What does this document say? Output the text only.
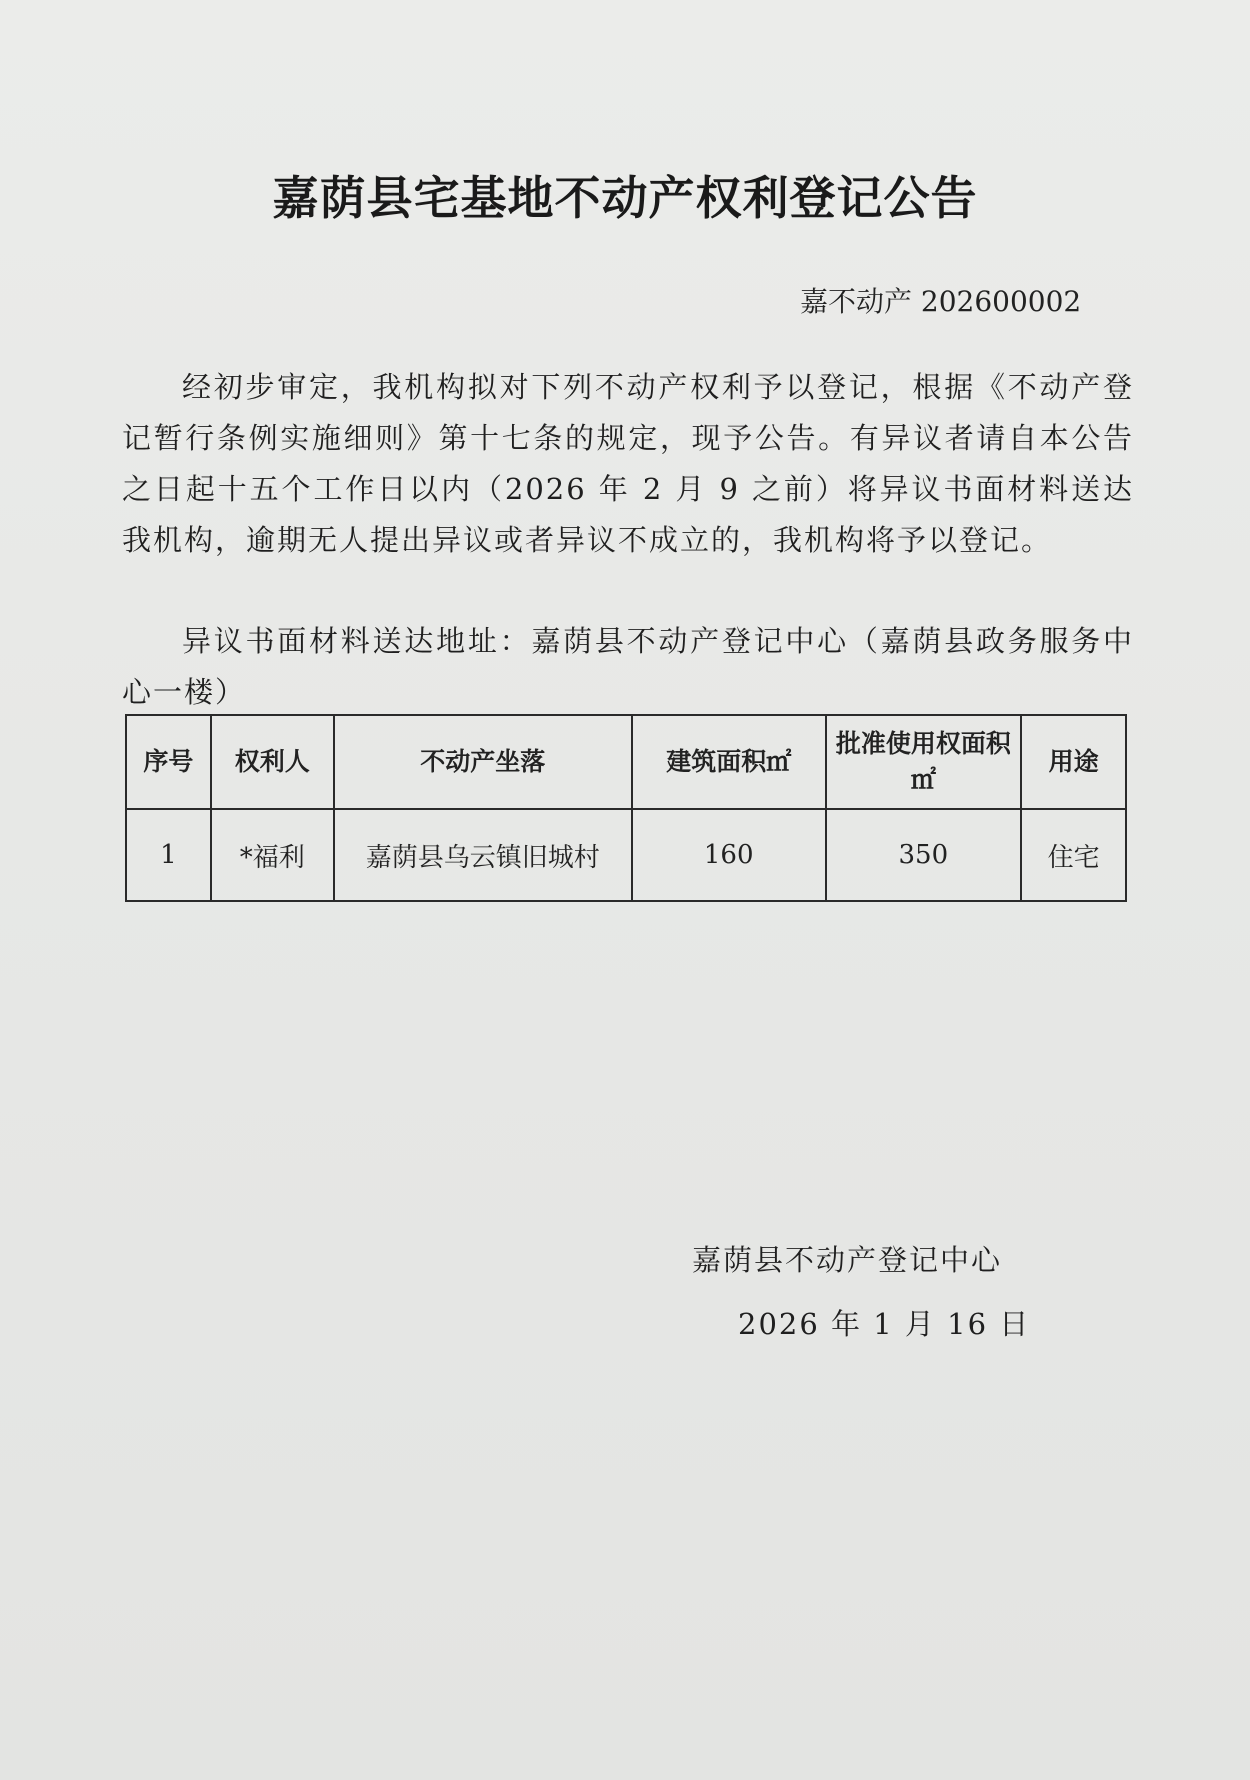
嘉荫县宅基地不动产权利登记公告
嘉不动产 202600002

经初步审定，我机构拟对下列不动产权利予以登记，根据《不动产登记暂行条例实施细则》第十七条的规定，现予公告。有异议者请自本公告之日起十五个工作日以内（2026 年 2 月 9 之前）将异议书面材料送达我机构，逾期无人提出异议或者异议不成立的，我机构将予以登记。

异议书面材料送达地址：嘉荫县不动产登记中心（嘉荫县政务服务中心一楼）

序号	权利人	不动产坐落	建筑面积㎡	批准使用权面积㎡	用途
1	*福利	嘉荫县乌云镇旧城村	160	350	住宅
嘉荫县不动产登记中心
2026 年 1 月 16 日
